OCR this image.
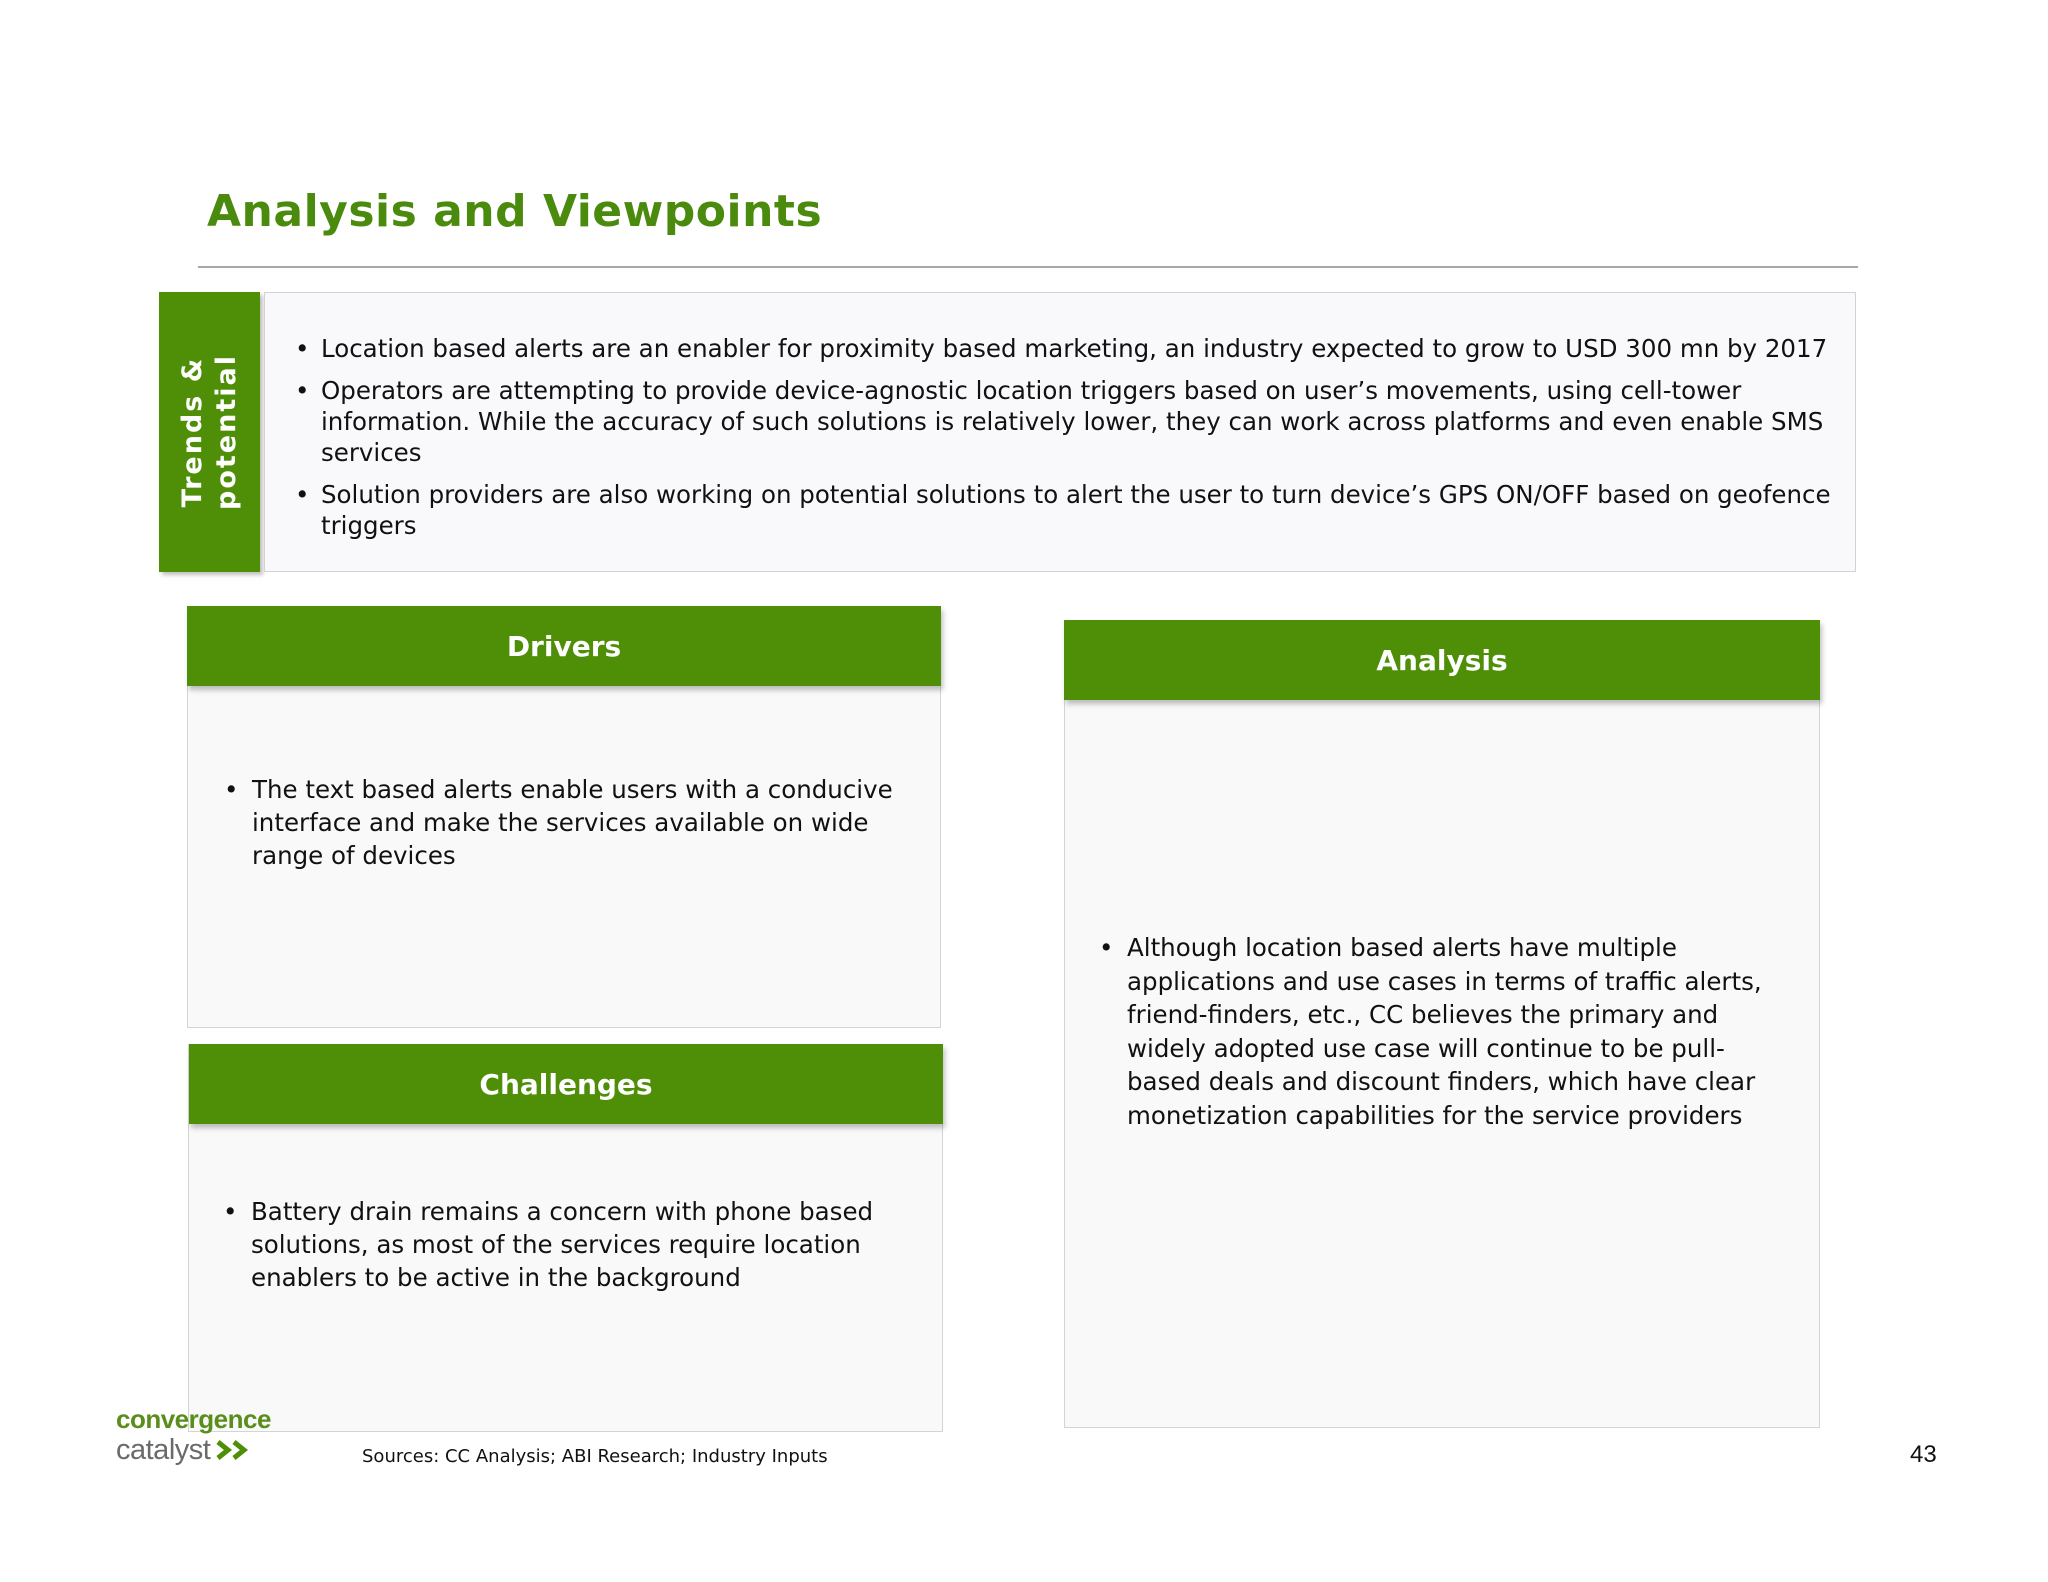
Analysis and Viewpoints
Trends &
potential
• Location based alerts are an enabler for proximity based marketing, an industry expected to grow to USD 300 mn by 2017
• Operators are attempting to provide device-agnostic location triggers based on user’s movements, using cell-tower information. While the accuracy of such solutions is relatively lower, they can work across platforms and even enable SMS services
• Solution providers are also working on potential solutions to alert the user to turn device’s GPS ON/OFF based on geofence triggers
• The text based alerts enable users with a conducive interface and make the services available on wide range of devices
Drivers
• Battery drain remains a concern with phone based solutions, as most of the services require location enablers to be active in the background
Challenges
• Although location based alerts have multiple applications and use cases in terms of traffic alerts, friend-finders, etc., CC believes the primary and widely adopted use case will continue to be pull-based deals and discount finders, which have clear monetization capabilities for the service providers
Analysis
convergence
catalyst	Sources: CC Analysis; ABI Research; Industry Inputs	43
